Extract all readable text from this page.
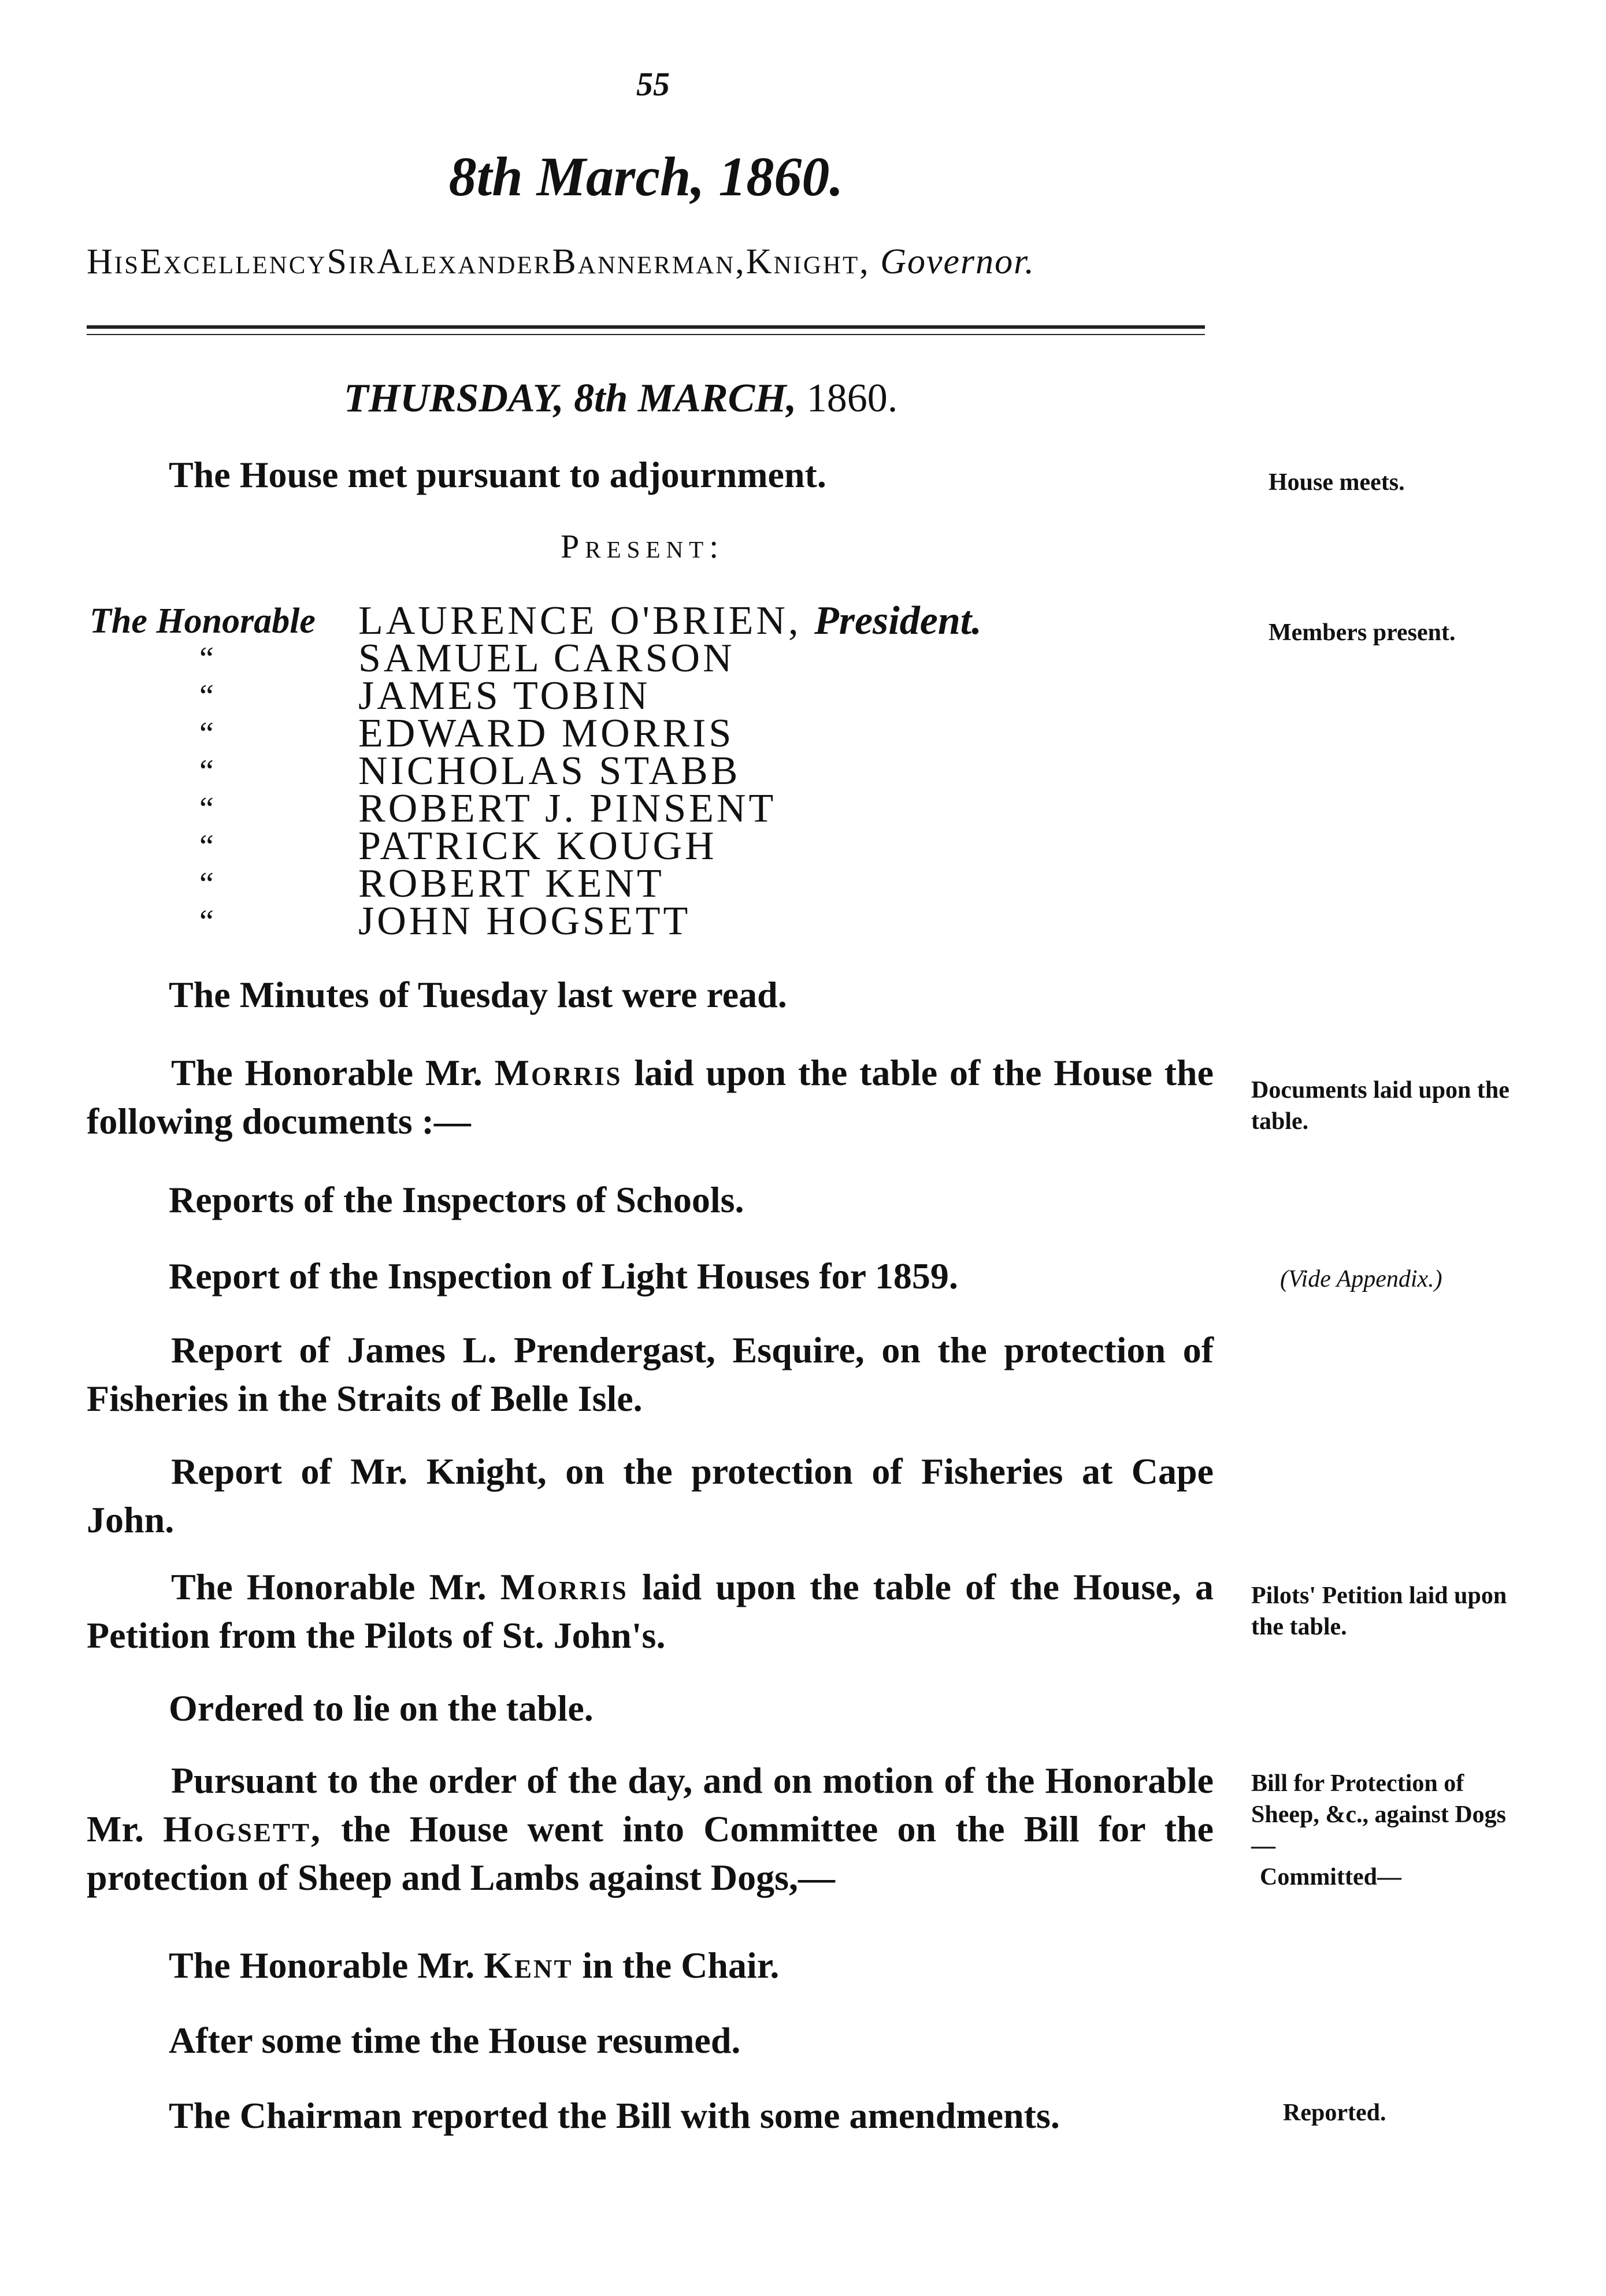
55
8th March, 1860.
HisExcellencySirAlexanderBannerman,Knight, Governor.
THURSDAY, 8th MARCH, 1860.
The House met pursuant to adjournment.	House meets.
Present:
The Honorable LAURENCE O'BRIEN, President.	Members present.
“	SAMUEL CARSON
“	JAMES TOBIN
“	EDWARD MORRIS
“	NICHOLAS STABB
“	ROBERT J. PINSENT
“	PATRICK KOUGH
“	ROBERT KENT
“	JOHN HOGSETT
The Minutes of Tuesday last were read.
The Honorable Mr. Morris laid upon the table of the House the following documents :—
Documents laid upon the table.
Reports of the Inspectors of Schools.
Report of the Inspection of Light Houses for 1859.	(Vide Appendix.)
Report of James L. Prendergast, Esquire, on the protection of Fisheries in the Straits of Belle Isle.
Report of Mr. Knight, on the protection of Fisheries at Cape John.
The Honorable Mr. Morris laid upon the table of the House, a Petition from the Pilots of St. John's.
Pilots' Petition laid upon the table.
Ordered to lie on the table.
Pursuant to the order of the day, and on motion of the Honorable Mr. Hogsett, the House went into Committee on the Bill for the protection of Sheep and Lambs against Dogs,—
Bill for Protection of Sheep, &c., against Dogs—
Committed—
The Honorable Mr. Kent in the Chair.
After some time the House resumed.
The Chairman reported the Bill with some amendments.	Reported.
